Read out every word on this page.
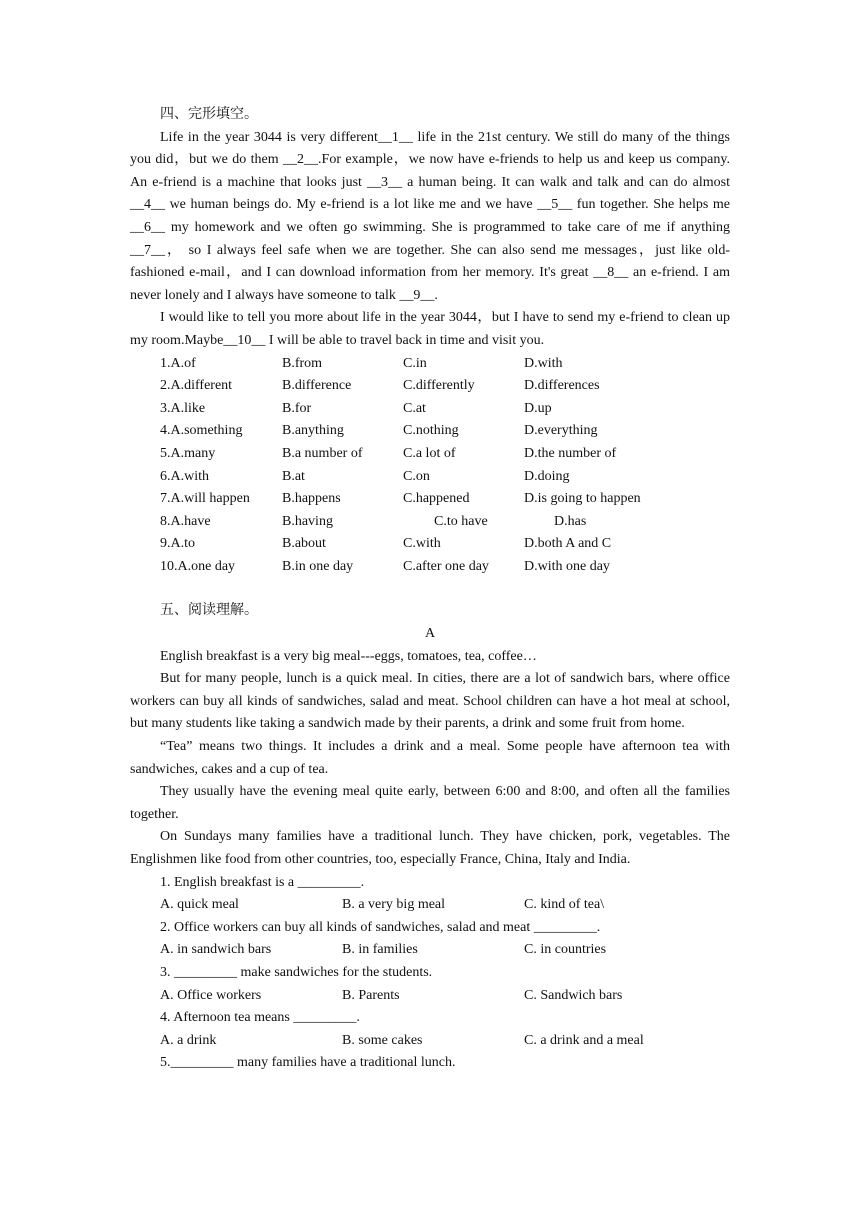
四、完形填空。

Life in the year 3044 is very different__1__ life in the 21st century. We still do many of the things you did，but we do them __2__.For example，we now have e-friends to help us and keep us company. An e-friend is a machine that looks just __3__ a human being. It can walk and talk and can do almost __4__ we human beings do. My e-friend is a lot like me and we have __5__ fun together. She helps me __6__ my homework and we often go swimming. She is programmed to take care of me if anything __7__， so I always feel safe when we are together. She can also send me messages，just like old-fashioned e-mail，and I can download information from her memory. It's great __8__ an e-friend. I am never lonely and I always have someone to talk __9__.

I would like to tell you more about life in the year 3044，but I have to send my e-friend to clean up my room.Maybe__10__ I will be able to travel back in time and visit you.

1.A.of	B.from	C.in	D.with
2.A.different	B.difference	C.differently	D.differences
3.A.like	B.for	C.at	D.up
4.A.something	B.anything	C.nothing	D.everything
5.A.many	B.a number of	C.a lot of	D.the number of
6.A.with	B.at	C.on	D.doing
7.A.will happen B.happens	C.happened	D.is going to happen
8.A.have	B.having	C.to have	D.has
9.A.to	B.about	C.with	D.both A and C
10.A.one day	B.in one day	C.after one day	D.with one day

五、阅读理解。

A

English breakfast is a very big meal---eggs, tomatoes, tea, coffee…

But for many people, lunch is a quick meal. In cities, there are a lot of sandwich bars, where office workers can buy all kinds of sandwiches, salad and meat. School children can have a hot meal at school, but many students like taking a sandwich made by their parents, a drink and some fruit from home.

“Tea” means two things. It includes a drink and a meal. Some people have afternoon tea with sandwiches, cakes and a cup of tea.

They usually have the evening meal quite early, between 6:00 and 8:00, and often all the families together.

On Sundays many families have a traditional lunch. They have chicken, pork, vegetables. The Englishmen like food from other countries, too, especially France, China, Italy and India.

1. English breakfast is a _________.

A. quick meal	B. a very big meal	C. kind of tea\

2. Office workers can buy all kinds of sandwiches, salad and meat _________.

A. in sandwich bars	B. in families	C. in countries

3. _________ make sandwiches for the students.

A. Office workers	B. Parents	C. Sandwich bars

4. Afternoon tea means _________.

A. a drink	B. some cakes	C. a drink and a meal

5._________ many families have a traditional lunch.
